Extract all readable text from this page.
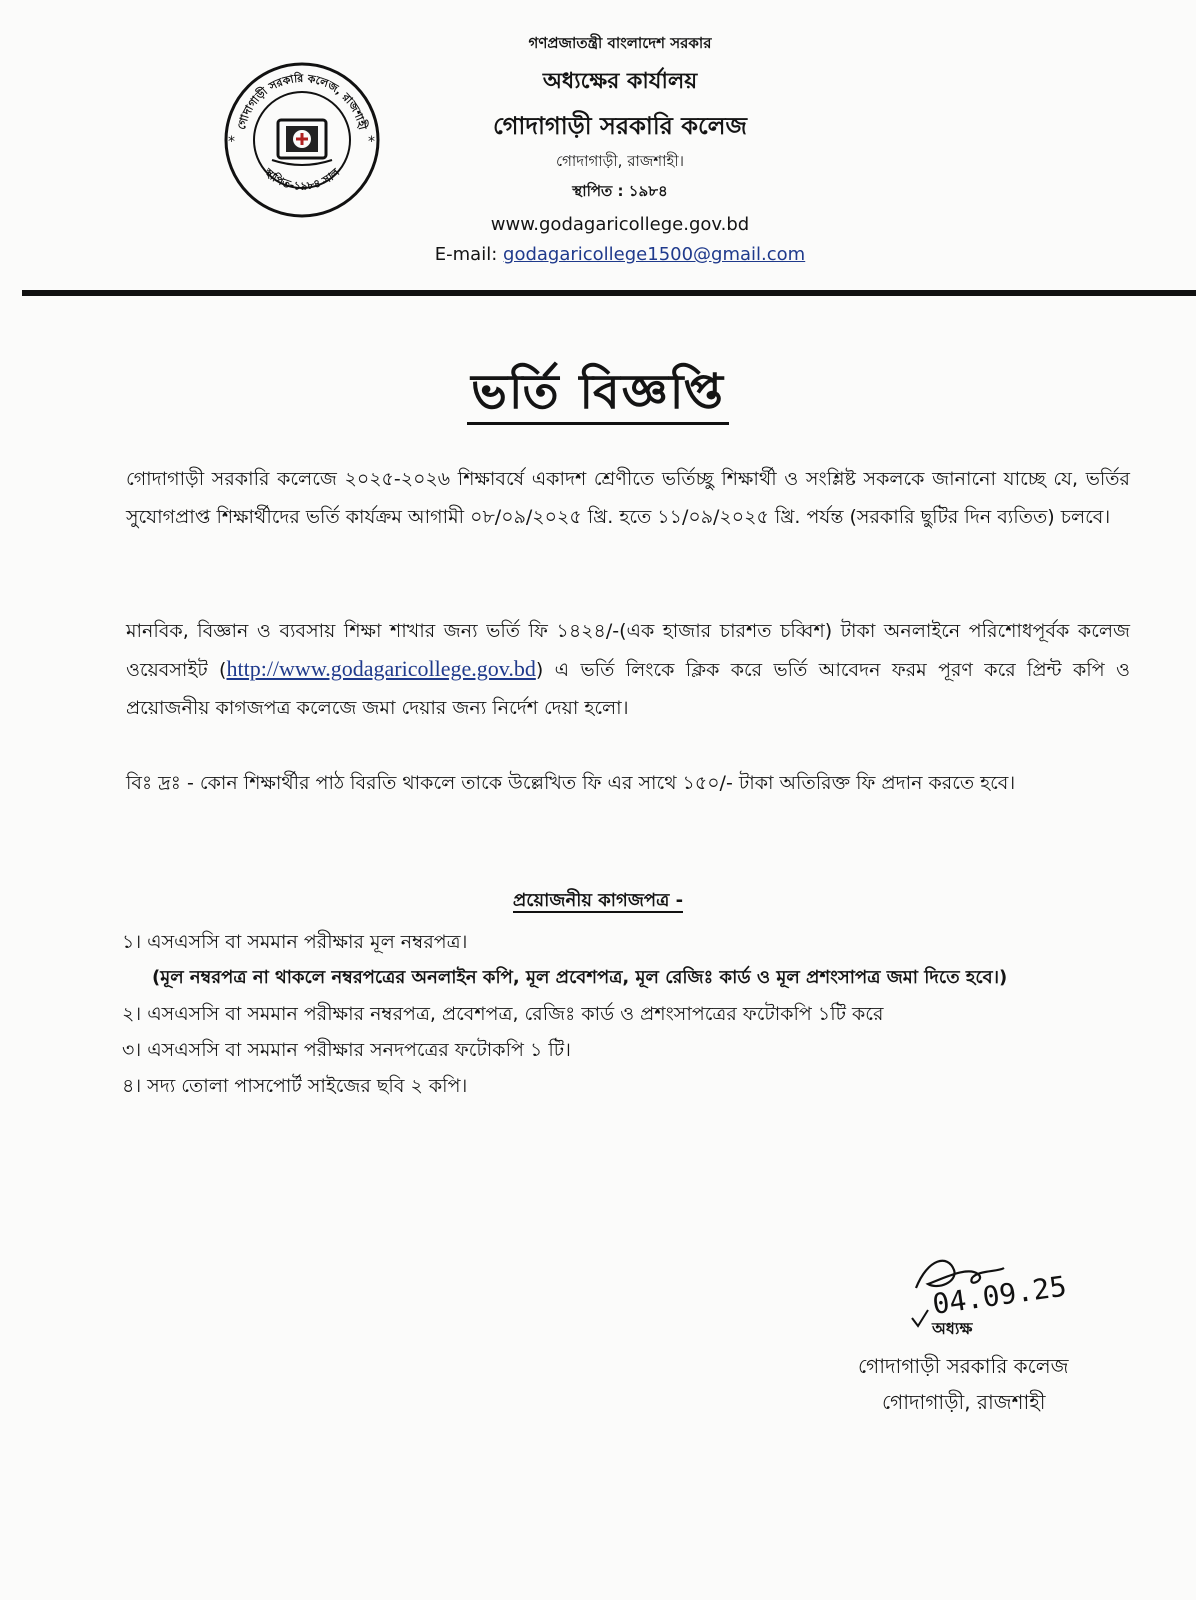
গোদাগাড়ী সরকারি কলেজ, রাজশাহী
স্থাপিত-১৯৮৪ সাল
*	*
গণপ্রজাতন্ত্রী বাংলাদেশ সরকার
অধ্যক্ষের কার্যালয়
গোদাগাড়ী সরকারি কলেজ
গোদাগাড়ী, রাজশাহী।
স্থাপিত : ১৯৮৪
www.godagaricollege.gov.bd
E-mail: godagaricollege1500@gmail.com
ভর্তি বিজ্ঞপ্তি
গোদাগাড়ী সরকারি কলেজে ২০২৫-২০২৬ শিক্ষাবর্ষে একাদশ শ্রেণীতে ভর্তিচ্ছু শিক্ষার্থী ও সংশ্লিষ্ট সকলকে জানানো যাচ্ছে যে, ভর্তির সুযোগপ্রাপ্ত শিক্ষার্থীদের ভর্তি কার্যক্রম আগামী ০৮/০৯/২০২৫ খ্রি. হতে ১১/০৯/২০২৫ খ্রি. পর্যন্ত (সরকারি ছুটির দিন ব্যতিত) চলবে।
মানবিক, বিজ্ঞান ও ব্যবসায় শিক্ষা শাখার জন্য ভর্তি ফি ১৪২৪/-(এক হাজার চারশত চব্বিশ) টাকা অনলাইনে পরিশোধপূর্বক কলেজ ওয়েবসাইট (http://www.godagaricollege.gov.bd) এ ভর্তি লিংকে ক্লিক করে ভর্তি আবেদন ফরম পূরণ করে প্রিন্ট কপি ও প্রয়োজনীয় কাগজপত্র কলেজে জমা দেয়ার জন্য নির্দেশ দেয়া হলো।
বিঃ দ্রঃ - কোন শিক্ষার্থীর পাঠ বিরতি থাকলে তাকে উল্লেখিত ফি এর সাথে ১৫০/- টাকা অতিরিক্ত ফি প্রদান করতে হবে।
প্রয়োজনীয় কাগজপত্র -
১। এসএসসি বা সমমান পরীক্ষার মূল নম্বরপত্র।
(মূল নম্বরপত্র না থাকলে নম্বরপত্রের অনলাইন কপি, মূল প্রবেশপত্র, মূল রেজিঃ কার্ড ও মূল প্রশংসাপত্র জমা দিতে হবে।)
২। এসএসসি বা সমমান পরীক্ষার নম্বরপত্র, প্রবেশপত্র, রেজিঃ কার্ড ও প্রশংসাপত্রের ফটোকপি ১টি করে
৩। এসএসসি বা সমমান পরীক্ষার সনদপত্রের ফটোকপি ১ টি।
৪। সদ্য তোলা পাসপোর্ট সাইজের ছবি ২ কপি।
04.09.25
অধ্যক্ষ
গোদাগাড়ী সরকারি কলেজ
গোদাগাড়ী, রাজশাহী
